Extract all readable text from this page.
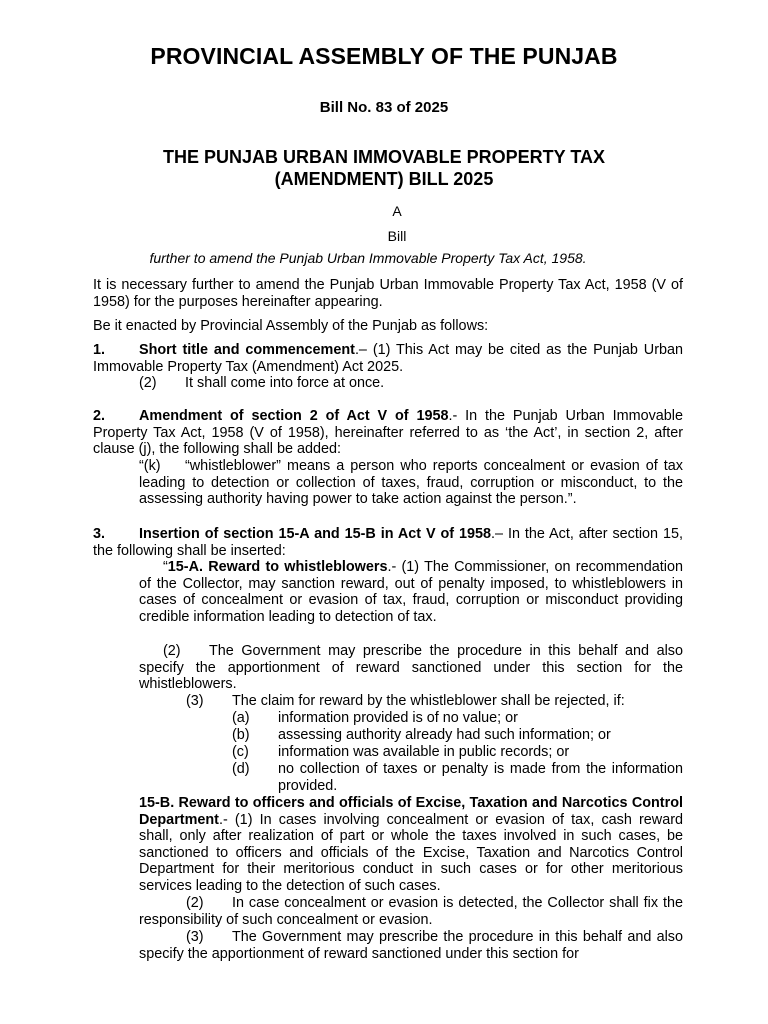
PROVINCIAL ASSEMBLY OF THE PUNJAB
Bill No. 83 of 2025
THE PUNJAB URBAN IMMOVABLE PROPERTY TAX (AMENDMENT) BILL 2025
A
Bill
further to amend the Punjab Urban Immovable Property Tax Act, 1958.
It is necessary further to amend the Punjab Urban Immovable Property Tax Act, 1958 (V of 1958) for the purposes hereinafter appearing.
Be it enacted by Provincial Assembly of the Punjab as follows:
1. Short title and commencement.– (1) This Act may be cited as the Punjab Urban Immovable Property Tax (Amendment) Act 2025.
(2) It shall come into force at once.
2. Amendment of section 2 of Act V of 1958.- In the Punjab Urban Immovable Property Tax Act, 1958 (V of 1958), hereinafter referred to as ‘the Act’, in section 2, after clause (j), the following shall be added:
“(k) “whistleblower” means a person who reports concealment or evasion of tax leading to detection or collection of taxes, fraud, corruption or misconduct, to the assessing authority having power to take action against the person.”.
3. Insertion of section 15-A and 15-B in Act V of 1958.– In the Act, after section 15, the following shall be inserted:
“15-A. Reward to whistleblowers.- (1) The Commissioner, on recommendation of the Collector, may sanction reward, out of penalty imposed, to whistleblowers in cases of concealment or evasion of tax, fraud, corruption or misconduct providing credible information leading to detection of tax.
(2) The Government may prescribe the procedure in this behalf and also specify the apportionment of reward sanctioned under this section for the whistleblowers.
(3) The claim for reward by the whistleblower shall be rejected, if:
(a) information provided is of no value; or
(b) assessing authority already had such information; or
(c) information was available in public records; or
(d) no collection of taxes or penalty is made from the information provided.
15-B. Reward to officers and officials of Excise, Taxation and Narcotics Control Department.- (1) In cases involving concealment or evasion of tax, cash reward shall, only after realization of part or whole the taxes involved in such cases, be sanctioned to officers and officials of the Excise, Taxation and Narcotics Control Department for their meritorious conduct in such cases or for other meritorious services leading to the detection of such cases.
(2) In case concealment or evasion is detected, the Collector shall fix the responsibility of such concealment or evasion.
(3) The Government may prescribe the procedure in this behalf and also specify the apportionment of reward sanctioned under this section for
